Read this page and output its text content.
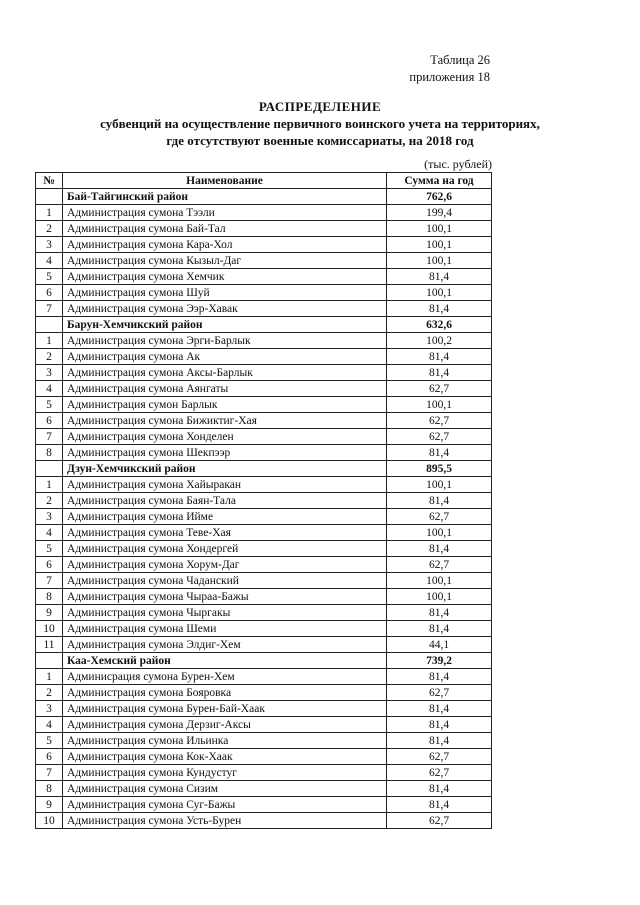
Таблица 26
приложения 18
РАСПРЕДЕЛЕНИЕ
субвенций на осуществление первичного воинского учета на территориях,
где отсутствуют военные комиссариаты, на 2018 год
(тыс. рублей)
№	Наименование	Сумма на год
	Бай-Тайгинский район	762,6
1	Администрация сумона Тээли	199,4
2	Администрация сумона Бай-Тал	100,1
3	Администрация сумона Кара-Хол	100,1
4	Администрация сумона Кызыл-Даг	100,1
5	Администрация сумона Хемчик	81,4
6	Администрация сумона Шуй	100,1
7	Администрация сумона Ээр-Хавак	81,4
	Барун-Хемчикский район	632,6
1	Администрация сумона Эрги-Барлык	100,2
2	Администрация сумона Ак	81,4
3	Администрация сумона Аксы-Барлык	81,4
4	Администрация сумона Аянгаты	62,7
5	Администрация сумон Барлык	100,1
6	Администрация сумона Бижиктиг-Хая	62,7
7	Администрация сумона Хонделен	62,7
8	Администрация сумона Шекпээр	81,4
	Дзун-Хемчикский район	895,5
1	Администрация сумона Хайыракан	100,1
2	Администрация сумона Баян-Тала	81,4
3	Администрация сумона Ийме	62,7
4	Администрация сумона Теве-Хая	100,1
5	Администрация сумона Хондергей	81,4
6	Администрация сумона Хорум-Даг	62,7
7	Администрация сумона Чаданский	100,1
8	Администрация сумона Чыраа-Бажы	100,1
9	Администрация сумона Чыргакы	81,4
10	Администрация сумона Шеми	81,4
11	Администрация сумона Элдиг-Хем	44,1
	Каа-Хемский район	739,2
1	Админисрация сумона Бурен-Хем	81,4
2	Администрация сумона Бояровка	62,7
3	Администрация сумона Бурен-Бай-Хаак	81,4
4	Администрация сумона Дерзиг-Аксы	81,4
5	Администрация сумона Ильинка	81,4
6	Администрация сумона Кок-Хаак	62,7
7	Администрация сумона Кундустуг	62,7
8	Администрация сумона Сизим	81,4
9	Администрация сумона Суг-Бажы	81,4
10	Администрация сумона Усть-Бурен	62,7
